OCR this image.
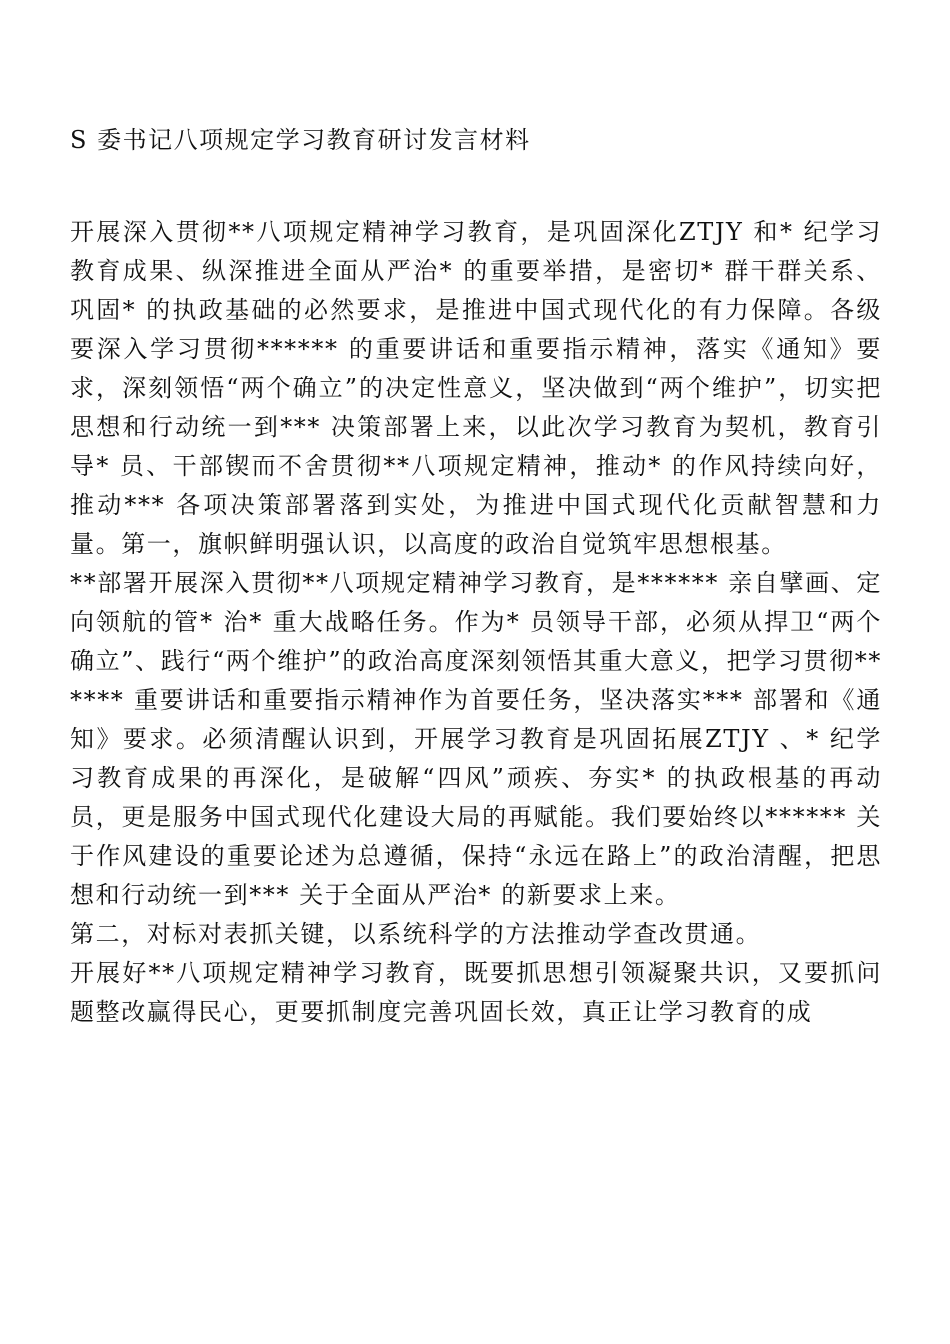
S 委书记八项规定学习教育研讨发言材料

开展深入贯彻**八项规定精神学习教育，是巩固深化ZTJY 和* 纪学习教育成果、纵深推进全面从严治* 的重要举措，是密切* 群干群关系、巩固* 的执政基础的必然要求，是推进中国式现代化的有力保障。各级要深入学习贯彻****** 的重要讲话和重要指示精神，落实《通知》要求，深刻领悟“两个确立”的决定性意义，坚决做到“两个维护”，切实把思想和行动统一到*** 决策部署上来，以此次学习教育为契机，教育引导* 员、干部锲而不舍贯彻**八项规定精神，推动* 的作风持续向好，推动*** 各项决策部署落到实处，为推进中国式现代化贡献智慧和力量。第一，旗帜鲜明强认识，以高度的政治自觉筑牢思想根基。

**部署开展深入贯彻**八项规定精神学习教育，是****** 亲自擘画、定向领航的管* 治* 重大战略任务。作为* 员领导干部，必须从捍卫“两个确立”、践行“两个维护”的政治高度深刻领悟其重大意义，把学习贯彻****** 重要讲话和重要指示精神作为首要任务，坚决落实*** 部署和《通知》要求。必须清醒认识到，开展学习教育是巩固拓展ZTJY 、* 纪学习教育成果的再深化，是破解“四风”顽疾、夯实* 的执政根基的再动员，更是服务中国式现代化建设大局的再赋能。我们要始终以****** 关于作风建设的重要论述为总遵循，保持“永远在路上”的政治清醒，把思想和行动统一到*** 关于全面从严治* 的新要求上来。

第二，对标对表抓关键，以系统科学的方法推动学查改贯通。

开展好**八项规定精神学习教育，既要抓思想引领凝聚共识，又要抓问题整改赢得民心，更要抓制度完善巩固长效，真正让学习教育的成
